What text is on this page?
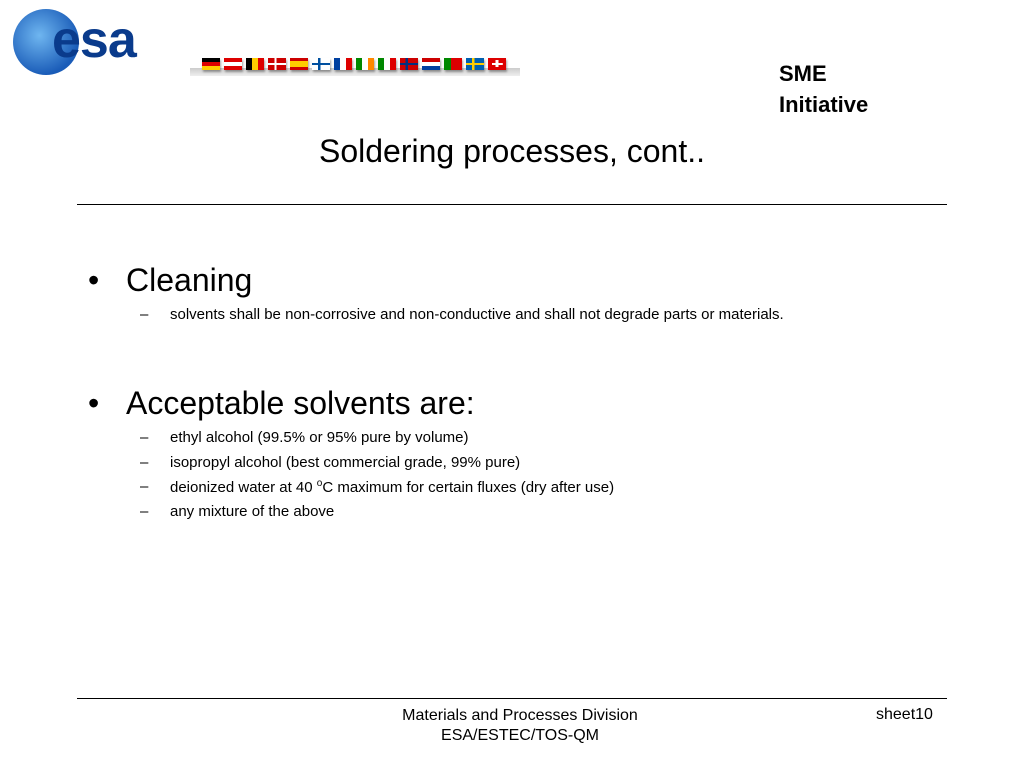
esa
SME
Initiative
Soldering processes, cont..
• Cleaning
– solvents shall be non-corrosive and non-conductive and shall not degrade parts or materials.
• Acceptable solvents are:
– ethyl alcohol (99.5% or 95% pure by volume)
– isopropyl alcohol (best commercial grade, 99% pure)
– deionized water at 40 $^o$C maximum for certain fluxes (dry after use)
– any mixture of the above
Materials and Processes Division
ESA/ESTEC/TOS-QM
sheet10
